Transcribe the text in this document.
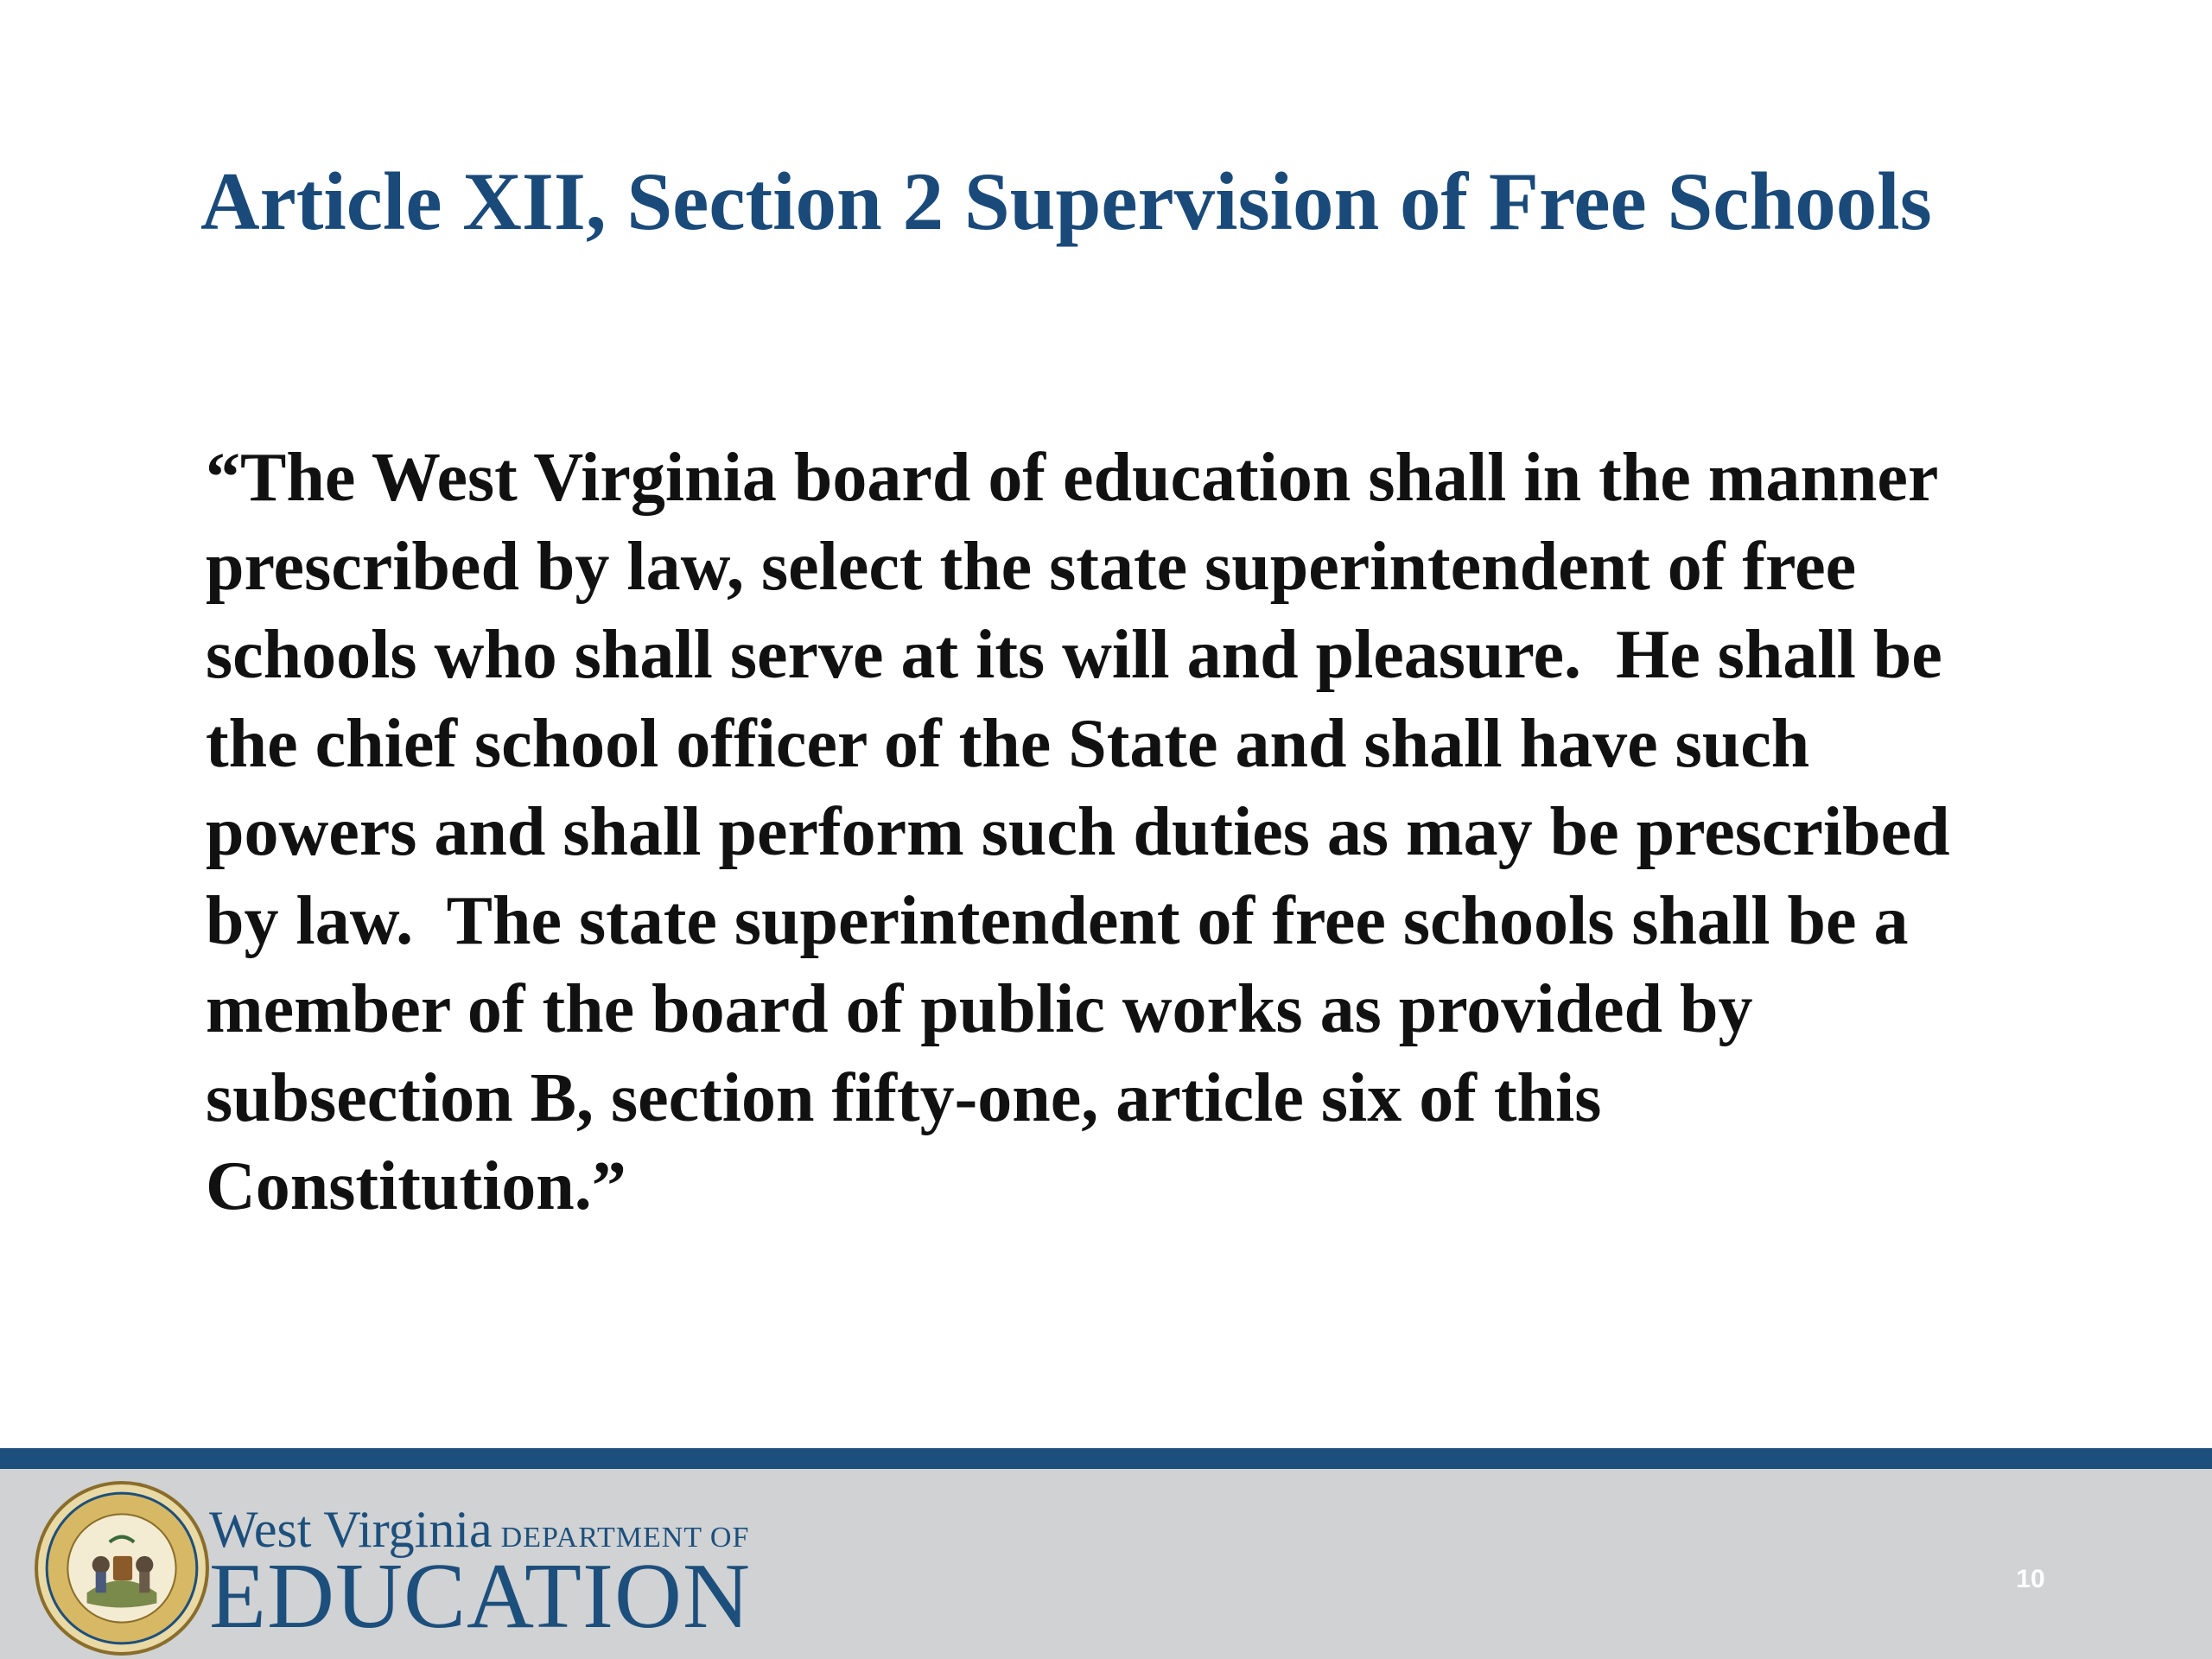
Article XII, Section 2 Supervision of Free Schools
“The West Virginia board of education shall in the manner
prescribed by law, select the state superintendent of free
schools who shall serve at its will and pleasure.  He shall be
the chief school officer of the State and shall have such
powers and shall perform such duties as may be prescribed
by law.  The state superintendent of free schools shall be a
member of the board of public works as provided by
subsection B, section fifty-one, article six of this
Constitution.”
West Virginia DEPARTMENT OF
EDUCATION	10
